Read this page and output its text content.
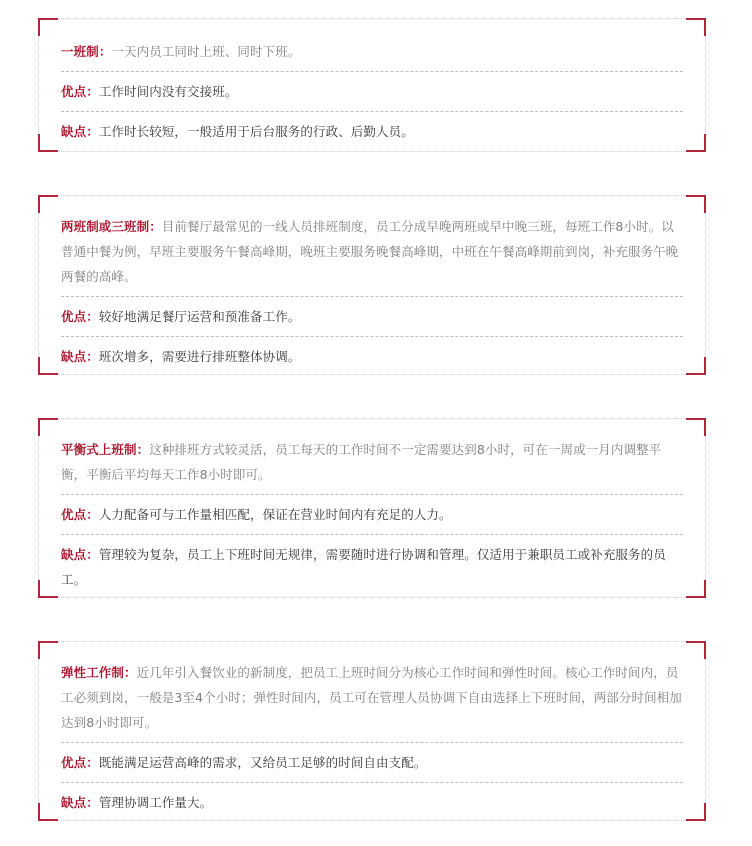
一班制：一天内员工同时上班、同时下班。
优点：工作时间内没有交接班。
缺点：工作时长较短，一般适用于后台服务的行政、后勤人员。
两班制或三班制：目前餐厅最常见的一线人员排班制度，员工分成早晚两班或早中晚三班，每班工作8小时。以普通中餐为例，早班主要服务午餐高峰期，晚班主要服务晚餐高峰期，中班在午餐高峰期前到岗，补充服务午晚两餐的高峰。
优点：较好地满足餐厅运营和预准备工作。
缺点：班次增多，需要进行排班整体协调。
平衡式上班制：这种排班方式较灵活，员工每天的工作时间不一定需要达到8小时，可在一周或一月内调整平衡，平衡后平均每天工作8小时即可。
优点：人力配备可与工作量相匹配，保证在营业时间内有充足的人力。
缺点：管理较为复杂，员工上下班时间无规律，需要随时进行协调和管理。仅适用于兼职员工或补充服务的员工。
弹性工作制：近几年引入餐饮业的新制度，把员工上班时间分为核心工作时间和弹性时间。核心工作时间内，员工必须到岗，一般是3至4个小时；弹性时间内，员工可在管理人员协调下自由选择上下班时间，两部分时间相加达到8小时即可。
优点：既能满足运营高峰的需求，又给员工足够的时间自由支配。
缺点：管理协调工作量大。
